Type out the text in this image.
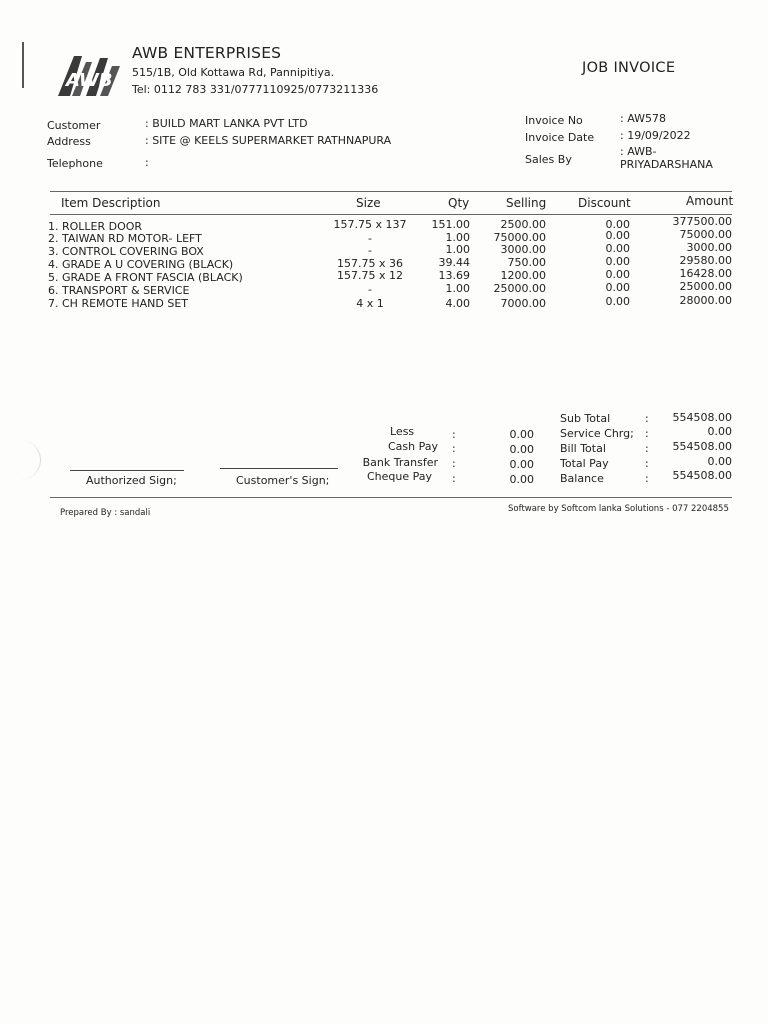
AWB
AWB ENTERPRISES
515/1B, Old Kottawa Rd, Pannipitiya.
Tel: 0112 783 331/0777110925/0773211336
JOB INVOICE
Customer	: BUILD MART LANKA PVT LTD
Address	: SITE @ KEELS SUPERMARKET RATHNAPURA
Telephone	:
Invoice No	: AW578
Invoice Date : 19/09/2022
Sales By
: AWB-
PRIYADARSHANA
Item Description	Size	Qty	Selling	Discount	Amount
1. ROLLER DOOR	157.75 x 137	151.00	2500.00	0.00	377500.00
2. TAIWAN RD MOTOR- LEFT	-	1.00	75000.00	0.00	75000.00
3. CONTROL COVERING BOX	-	1.00	3000.00	0.00	3000.00
4. GRADE A U COVERING (BLACK)	157.75 x 36	39.44	750.00	0.00	29580.00
5. GRADE A FRONT FASCIA (BLACK)	157.75 x 12	13.69	1200.00	0.00	16428.00
6. TRANSPORT & SERVICE	-	1.00	25000.00	0.00	25000.00
7. CH REMOTE HAND SET	4 x 1	4.00	7000.00	0.00	28000.00
Less	:	0.00
Cash Pay :	0.00
Bank Transfer :	0.00
Cheque Pay :	0.00
Sub Total	:	554508.00
Service Chrg; :	0.00
Bill Total	:	554508.00
Total Pay	:	0.00
Balance	:	554508.00
Authorized Sign;	Customer's Sign;
Prepared By : sandali	Software by Softcom lanka Solutions - 077 2204855
